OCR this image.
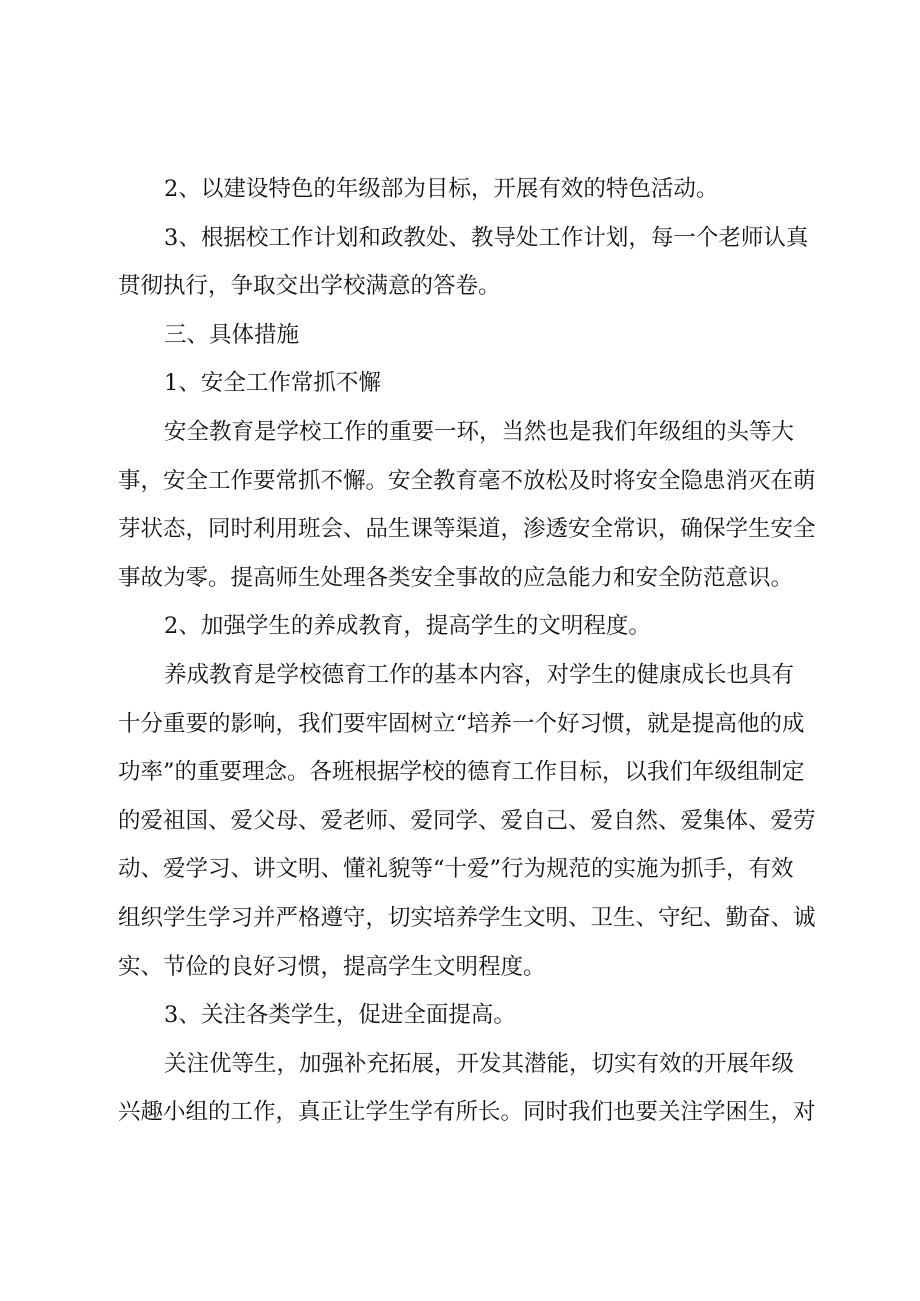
2、以建设特色的年级部为目标，开展有效的特色活动。
3、根据校工作计划和政教处、教导处工作计划，每一个老师认真
贯彻执行，争取交出学校满意的答卷。
三、具体措施
1、安全工作常抓不懈
安全教育是学校工作的重要一环，当然也是我们年级组的头等大
事，安全工作要常抓不懈。安全教育毫不放松及时将安全隐患消灭在萌
芽状态，同时利用班会、品生课等渠道，渗透安全常识，确保学生安全
事故为零。提高师生处理各类安全事故的应急能力和安全防范意识。
2、加强学生的养成教育，提高学生的文明程度。
养成教育是学校德育工作的基本内容，对学生的健康成长也具有
十分重要的影响，我们要牢固树立“培养一个好习惯，就是提高他的成
功率”的重要理念。各班根据学校的德育工作目标，以我们年级组制定
的爱祖国、爱父母、爱老师、爱同学、爱自己、爱自然、爱集体、爱劳
动、爱学习、讲文明、懂礼貌等“十爱”行为规范的实施为抓手，有效
组织学生学习并严格遵守，切实培养学生文明、卫生、守纪、勤奋、诚
实、节俭的良好习惯，提高学生文明程度。
3、关注各类学生，促进全面提高。
关注优等生，加强补充拓展，开发其潜能，切实有效的开展年级
兴趣小组的工作，真正让学生学有所长。同时我们也要关注学困生，对
